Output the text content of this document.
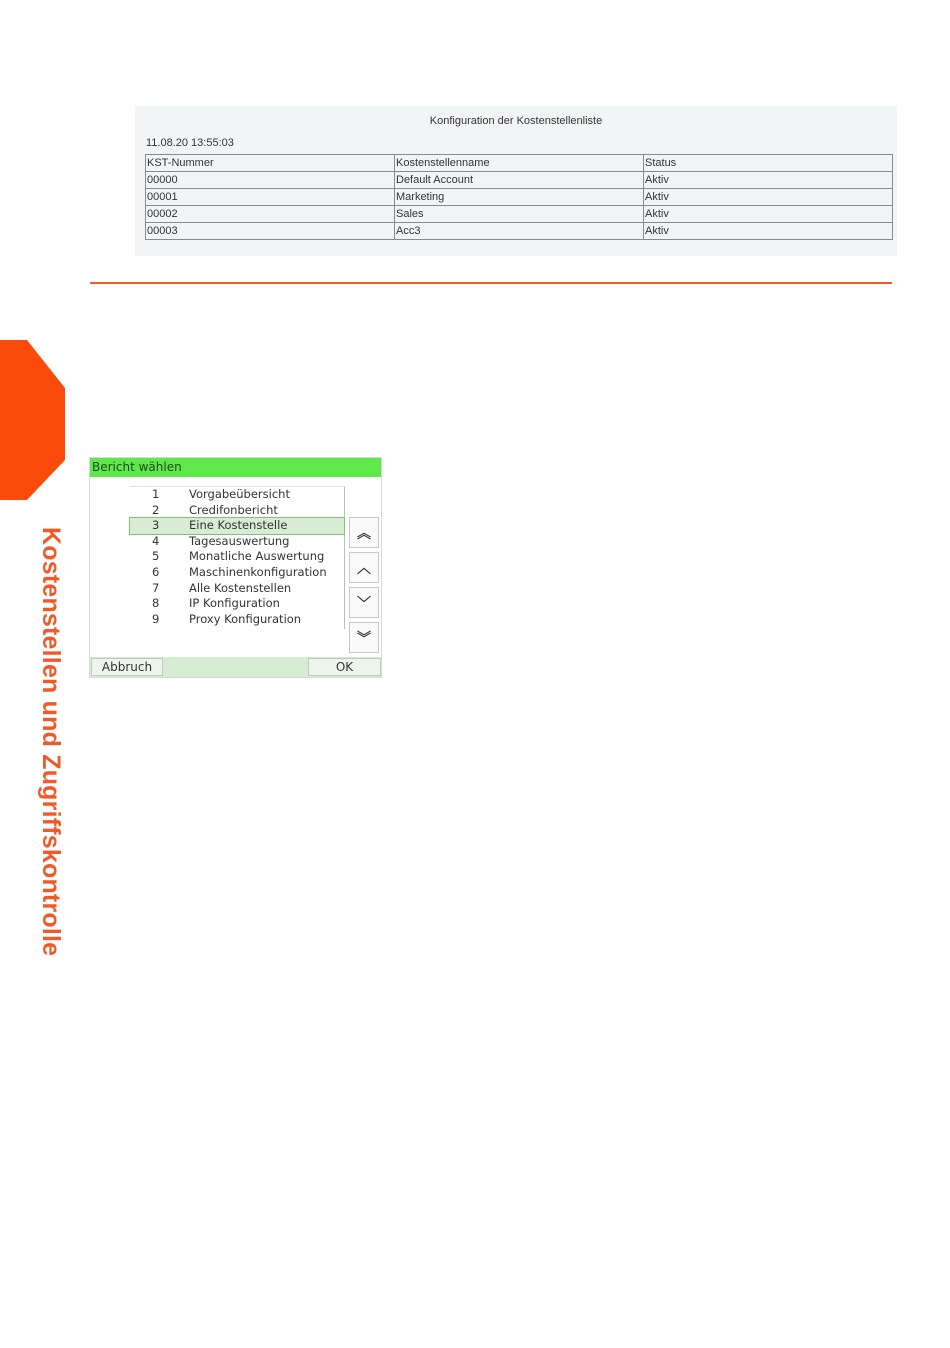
Konfiguration der Kostenstellenliste
11.08.20 13:55:03
KST-Nummer	Kostenstellenname	Status
00000	Default Account	Aktiv
00001	Marketing	Aktiv
00002	Sales	Aktiv
00003	Acc3	Aktiv
Kostenstellen und Zugriffskontrolle
Bericht wählen
1	Vorgabeübersicht
2	Credifonbericht
3	Eine Kostenstelle
4	Tagesauswertung
5	Monatliche Auswertung
6	Maschinenkonfiguration
7	Alle Kostenstellen
8	IP Konfiguration
9	Proxy Konfiguration
Abbruch	OK
︽
︿
﹀
︾
